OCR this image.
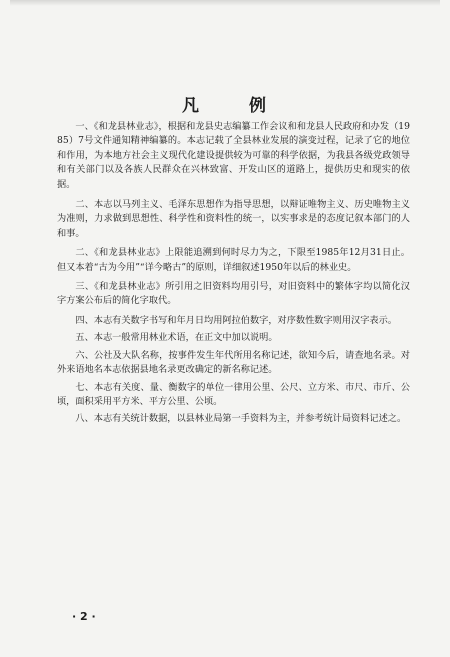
凡	例

一、《和龙县林业志》，根据和龙县史志编纂工作会议和和龙县人民政府和办发（1985）7号文件通知精神编纂的。本志记载了全县林业发展的演变过程，记录了它的地位和作用，为本地方社会主义现代化建设提供较为可靠的科学依据，为我县各级党政领导和有关部门以及各族人民群众在兴林致富、开发山区的道路上，提供历史和现实的依据。

二、本志以马列主义、毛泽东思想作为指导思想，以辩证唯物主义、历史唯物主义为准则，力求做到思想性、科学性和资料性的统一，以实事求是的态度记叙本部门的人和事。

二、《和龙县林业志》上限能追溯到何时尽力为之，下限至1985年12月31日止。但又本着“古为今用”“详今略古”的原则，详细叙述1950年以后的林业史。

三、《和龙县林业志》所引用之旧资料均用引号，对旧资料中的繁体字均以简化汉字方案公布后的简化字取代。

四、本志有关数字书写和年月日均用阿拉伯数字，对序数性数字则用汉字表示。

五、本志一般常用林业术语，在正文中加以说明。

六、公社及大队名称，按事件发生年代所用名称记述，欲知今后，请查地名录。对外来语地名本志依据县地名录更改确定的新名称记述。

七、本志有关度、量、衡数字的单位一律用公里、公尺、立方米、市尺、市斤、公顷，面积采用平方米、平方公里、公顷。

八、本志有关统计数据，以县林业局第一手资料为主，并参考统计局资料记述之。

· 2 ·
